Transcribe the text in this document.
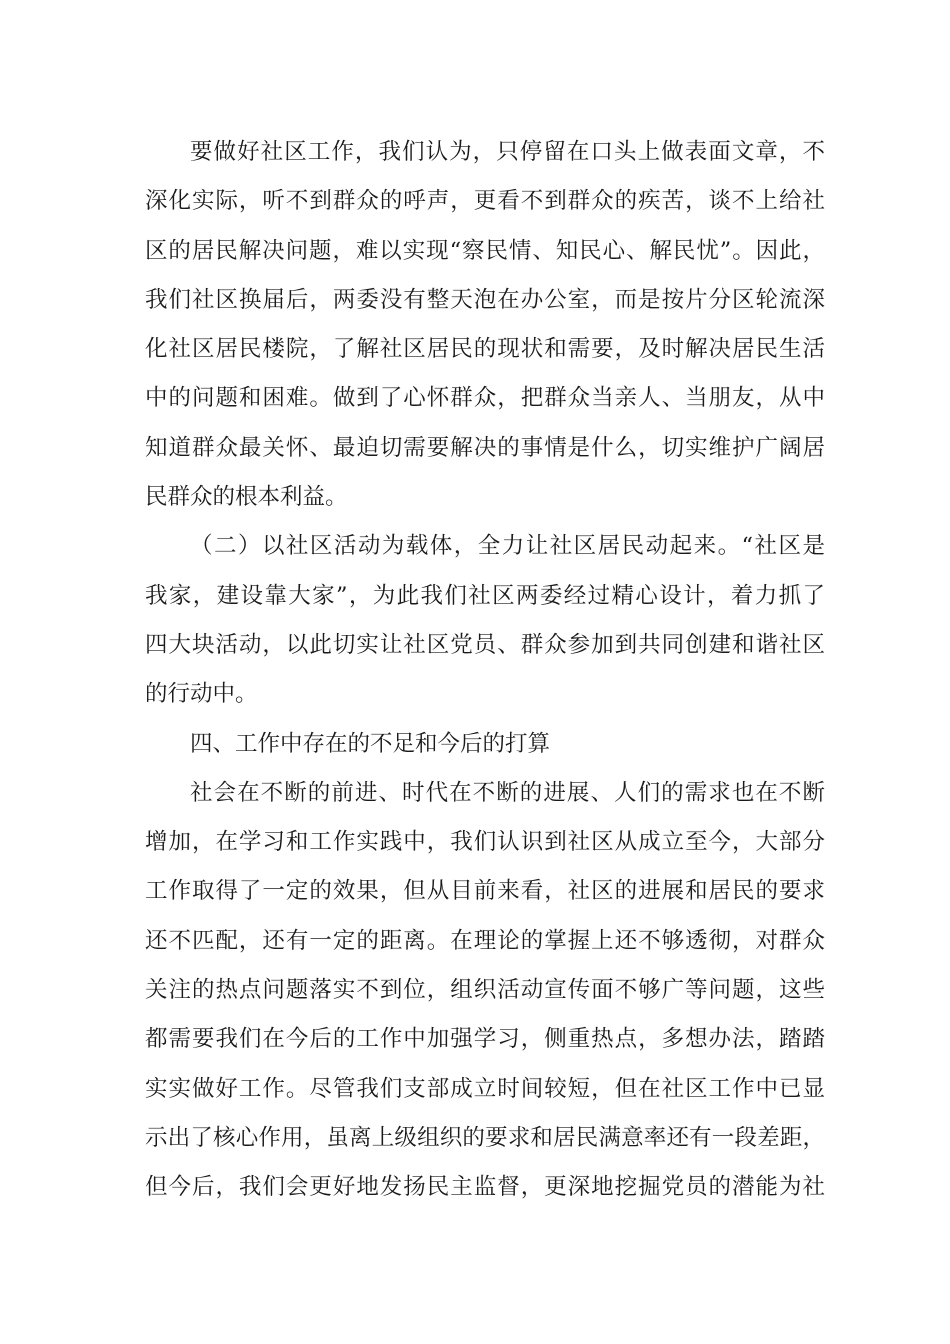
要做好社区工作，我们认为，只停留在口头上做表面文章，不
深化实际，听不到群众的呼声，更看不到群众的疾苦，谈不上给社
区的居民解决问题，难以实现“察民情、知民心、解民忧”。因此，
我们社区换届后，两委没有整天泡在办公室，而是按片分区轮流深
化社区居民楼院，了解社区居民的现状和需要，及时解决居民生活
中的问题和困难。做到了心怀群众，把群众当亲人、当朋友，从中
知道群众最关怀、最迫切需要解决的事情是什么，切实维护广阔居
民群众的根本利益。
（二）以社区活动为载体，全力让社区居民动起来。“社区是
我家，建设靠大家”，为此我们社区两委经过精心设计，着力抓了
四大块活动，以此切实让社区党员、群众参加到共同创建和谐社区
的行动中。
四、工作中存在的不足和今后的打算
社会在不断的前进、时代在不断的进展、人们的需求也在不断
增加，在学习和工作实践中，我们认识到社区从成立至今，大部分
工作取得了一定的效果，但从目前来看，社区的进展和居民的要求
还不匹配，还有一定的距离。在理论的掌握上还不够透彻，对群众
关注的热点问题落实不到位，组织活动宣传面不够广等问题，这些
都需要我们在今后的工作中加强学习，侧重热点，多想办法，踏踏
实实做好工作。尽管我们支部成立时间较短，但在社区工作中已显
示出了核心作用，虽离上级组织的要求和居民满意率还有一段差距，
但今后，我们会更好地发扬民主监督，更深地挖掘党员的潜能为社
